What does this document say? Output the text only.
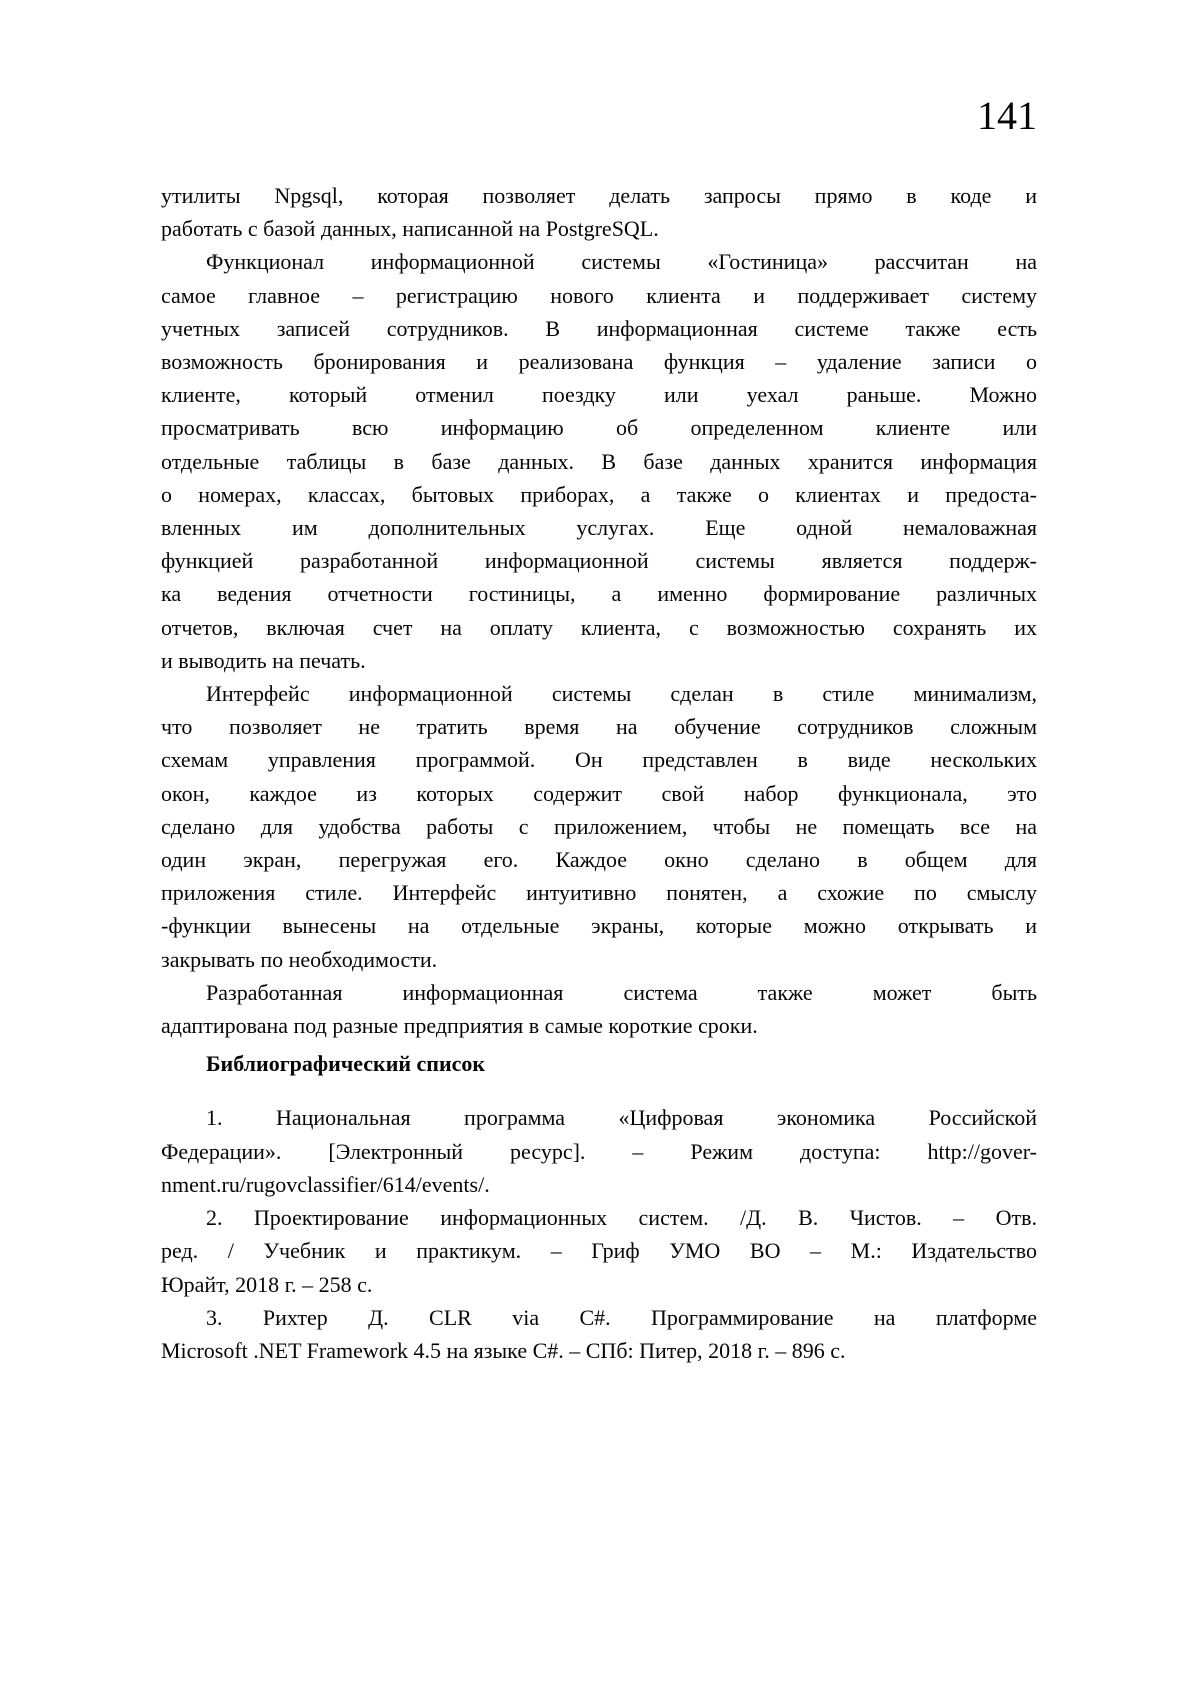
141
утилиты Npgsql, которая позволяет делать запросы прямо в коде и
работать с базой данных, написанной на PostgreSQL.
Функционал информационной системы «Гостиница» рассчитан на
самое главное – регистрацию нового клиента и поддерживает систему
учетных записей сотрудников. В информационная системе также есть
возможность бронирования и реализована функция – удаление записи о
клиенте, который отменил поездку или уехал раньше. Можно
просматривать всю информацию об определенном клиенте или
отдельные таблицы в базе данных. В базе данных хранится информация
о номерах, классах, бытовых приборах, а также о клиентах и предоста-
вленных им дополнительных услугах. Еще одной немаловажная
функцией разработанной информационной системы является поддерж-
ка ведения отчетности гостиницы, а именно формирование различных
отчетов, включая счет на оплату клиента, с возможностью сохранять их
и выводить на печать.
Интерфейс информационной системы сделан в стиле минимализм,
что позволяет не тратить время на обучение сотрудников сложным
схемам управления программой. Он представлен в виде нескольких
окон, каждое из которых содержит свой набор функционала, это
сделано для удобства работы с приложением, чтобы не помещать все на
один экран, перегружая его. Каждое окно сделано в общем для
приложения стиле. Интерфейс интуитивно понятен, а схожие по смыслу
-функции вынесены на отдельные экраны, которые можно открывать и
закрывать по необходимости.
Разработанная информационная система также может быть
адаптирована под разные предприятия в самые короткие сроки.
Библиографический список
1. Национальная программа «Цифровая экономика Российской
Федерации». [Электронный ресурс]. – Режим доступа: http://gover-
nment.ru/rugovclassifier/614/events/.
2. Проектирование информационных систем. /Д. В. Чистов. – Отв.
ред. / Учебник и практикум. – Гриф УМО ВО – М.: Издательство
Юрайт, 2018 г. – 258 с.
3. Рихтер Д. CLR via C#. Программирование на платформе
Microsoft .NET Framework 4.5 на языке C#. – СПб: Питер, 2018 г. – 896 с.
